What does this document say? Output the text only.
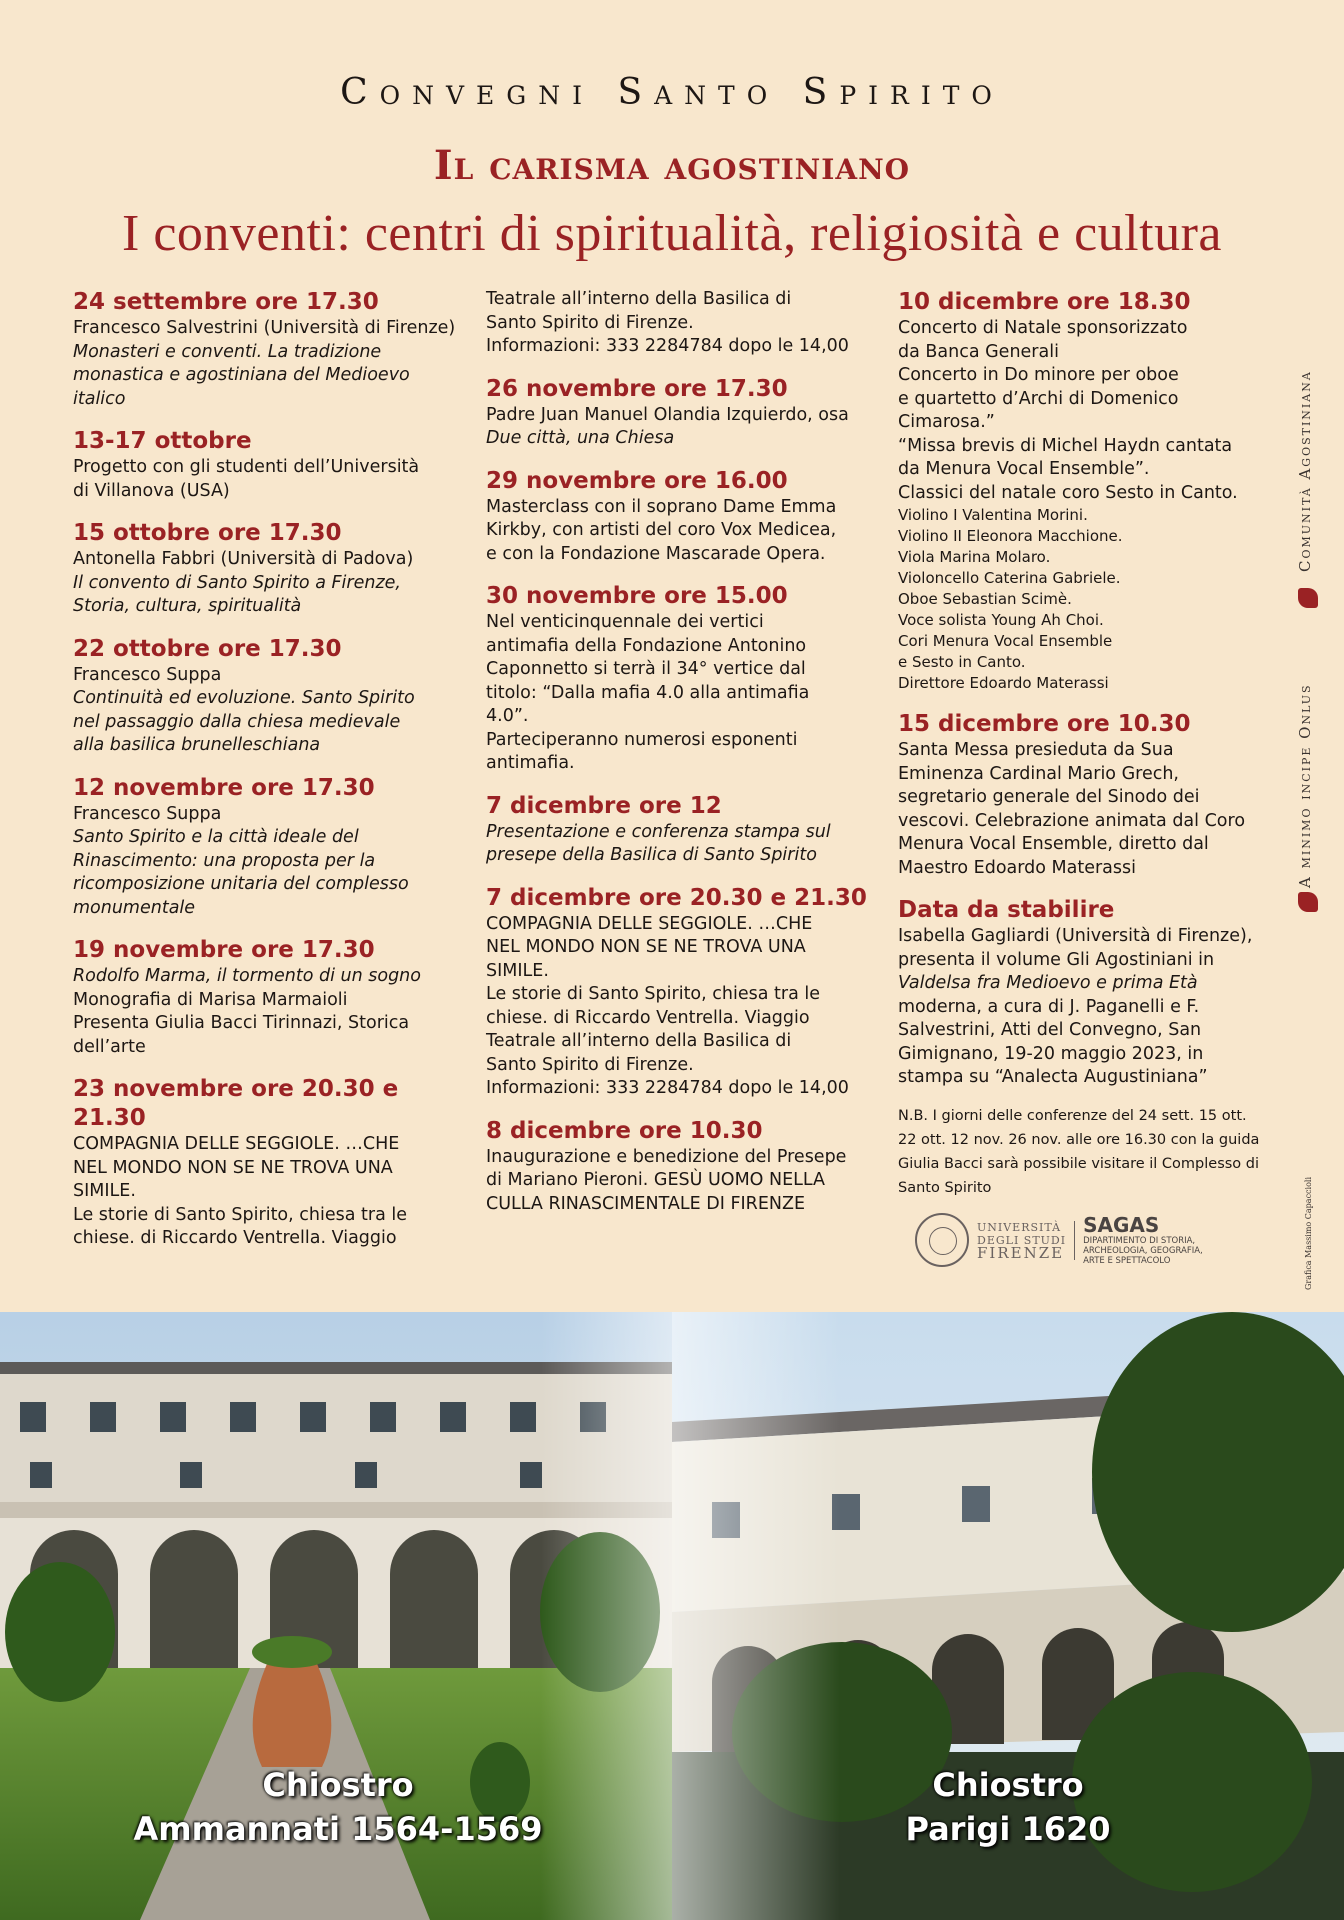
Convegni Santo Spirito
Il carisma agostiniano
I conventi: centri di spiritualità, religiosità e cultura
24 settembre ore 17.30
Francesco Salvestrini (Università di Firenze)
Monasteri e conventi. La tradizione
monastica e agostiniana del Medioevo
italico
13-17 ottobre
Progetto con gli studenti dell’Università
di Villanova (USA)
15 ottobre ore 17.30
Antonella Fabbri (Università di Padova)
Il convento di Santo Spirito a Firenze,
Storia, cultura, spiritualità
22 ottobre ore 17.30
Francesco Suppa
Continuità ed evoluzione. Santo Spirito
nel passaggio dalla chiesa medievale
alla basilica brunelleschiana
12 novembre ore 17.30
Francesco Suppa
Santo Spirito e la città ideale del
Rinascimento: una proposta per la
ricomposizione unitaria del complesso
monumentale
19 novembre ore 17.30
Rodolfo Marma, il tormento di un sogno
Monografia di Marisa Marmaioli
Presenta Giulia Bacci Tirinnazi, Storica
dell’arte
23 novembre ore 20.30 e 21.30
COMPAGNIA DELLE SEGGIOLE. …CHE
NEL MONDO NON SE NE TROVA UNA
SIMILE.
Le storie di Santo Spirito, chiesa tra le
chiese. di Riccardo Ventrella. Viaggio
Teatrale all’interno della Basilica di
Santo Spirito di Firenze.
Informazioni: 333 2284784 dopo le 14,00
26 novembre ore 17.30
Padre Juan Manuel Olandia Izquierdo, osa
Due città, una Chiesa
29 novembre ore 16.00
Masterclass con il soprano Dame Emma
Kirkby, con artisti del coro Vox Medicea,
e con la Fondazione Mascarade Opera.
30 novembre ore 15.00
Nel venticinquennale dei vertici
antimafia della Fondazione Antonino
Caponnetto si terrà il 34° vertice dal
titolo: “Dalla mafia 4.0 alla antimafia
4.0”.
Parteciperanno numerosi esponenti
antimafia.
7 dicembre ore 12
Presentazione e conferenza stampa sul
presepe della Basilica di Santo Spirito
7 dicembre ore 20.30 e 21.30
COMPAGNIA DELLE SEGGIOLE. …CHE
NEL MONDO NON SE NE TROVA UNA
SIMILE.
Le storie di Santo Spirito, chiesa tra le
chiese. di Riccardo Ventrella. Viaggio
Teatrale all’interno della Basilica di
Santo Spirito di Firenze.
Informazioni: 333 2284784 dopo le 14,00
8 dicembre ore 10.30
Inaugurazione e benedizione del Presepe
di Mariano Pieroni. GESÙ UOMO NELLA
CULLA RINASCIMENTALE DI FIRENZE
10 dicembre ore 18.30
Concerto di Natale sponsorizzato
da Banca Generali
Concerto in Do minore per oboe
e quartetto d’Archi di Domenico
Cimarosa.”
“Missa brevis di Michel Haydn cantata
da Menura Vocal Ensemble”.
Classici del natale coro Sesto in Canto.
Violino I Valentina Morini.
Violino II Eleonora Macchione.
Viola Marina Molaro.
Violoncello Caterina Gabriele.
Oboe Sebastian Scimè.
Voce solista Young Ah Choi.
Cori Menura Vocal Ensemble
e Sesto in Canto.
Direttore Edoardo Materassi
15 dicembre ore 10.30
Santa Messa presieduta da Sua
Eminenza Cardinal Mario Grech,
segretario generale del Sinodo dei
vescovi. Celebrazione animata dal Coro
Menura Vocal Ensemble, diretto dal
Maestro Edoardo Materassi
Data da stabilire
Isabella Gagliardi (Università di Firenze),
presenta il volume Gli Agostiniani in
Valdelsa fra Medioevo e prima Età
moderna, a cura di J. Paganelli e F.
Salvestrini, Atti del Convegno, San
Gimignano, 19-20 maggio 2023, in
stampa su “Analecta Augustiniana”
N.B. I giorni delle conferenze del 24 sett. 15 ott.
22 ott. 12 nov. 26 nov. alle ore 16.30 con la guida
Giulia Bacci sarà possibile visitare il Complesso di
Santo Spirito
UNIVERSITÀ
DEGLI STUDI
FIRENZE
SAGAS
DIPARTIMENTO DI STORIA,
ARCHEOLOGIA, GEOGRAFIA,
ARTE E SPETTACOLO
Comunità Agostiniana
A minimo incipe Onlus
Grafica Massimo Capaccioli
Chiostro
Ammannati 1564-1569
Chiostro
Parigi 1620
